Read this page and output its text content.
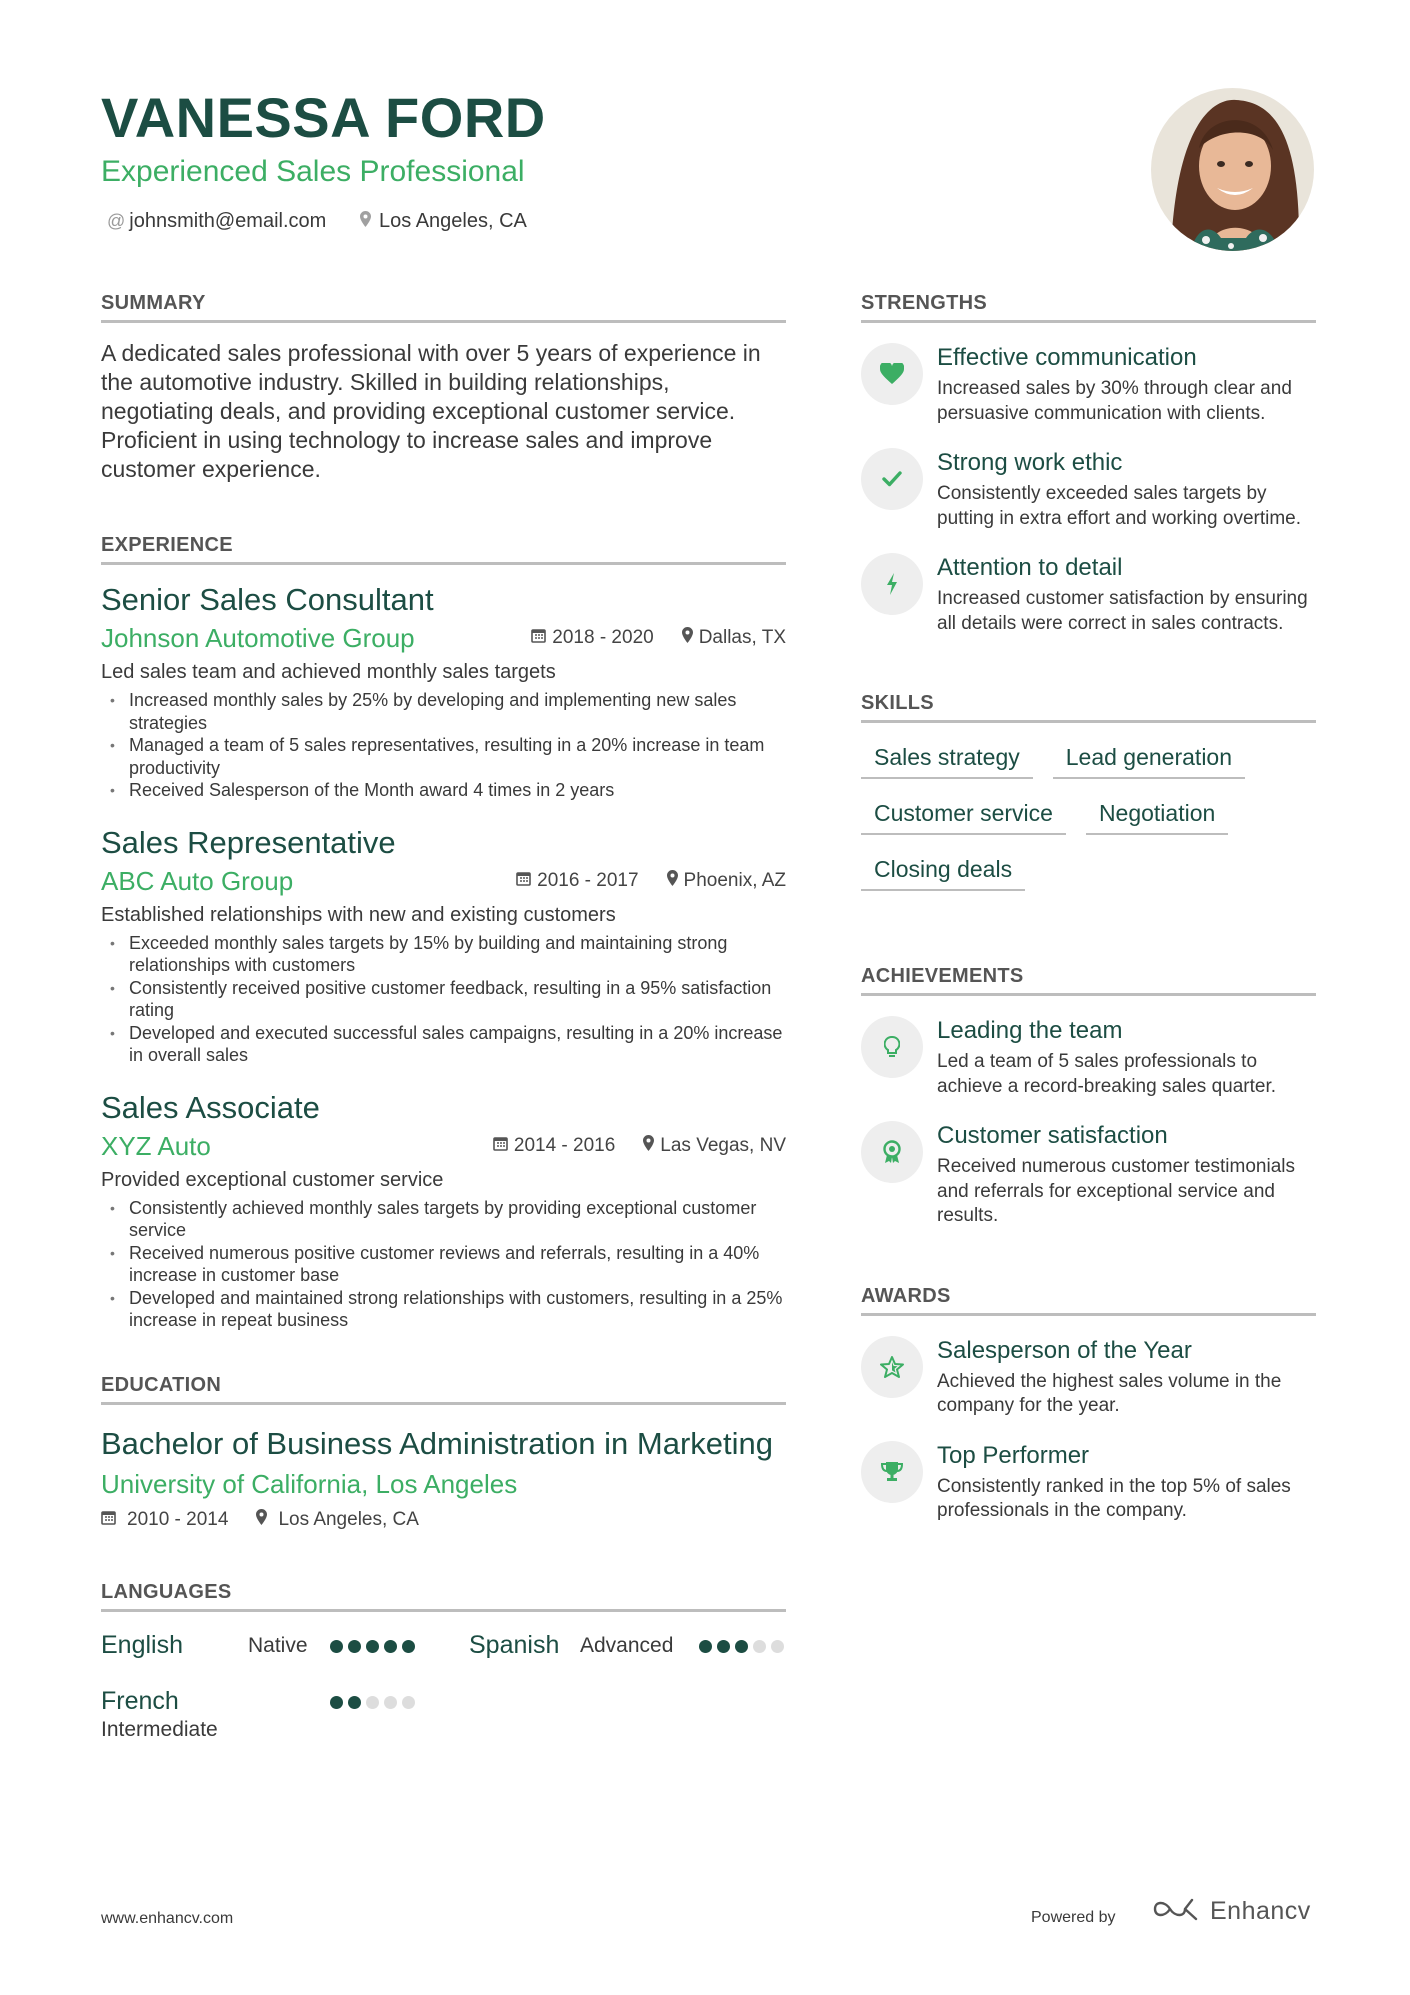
VANESSA FORD
Experienced Sales Professional
@ johnsmith@email.com	Los Angeles, CA
SUMMARY

A dedicated sales professional with over 5 years of experience in the automotive industry. Skilled in building relationships, negotiating deals, and providing exceptional customer service. Proficient in using technology to increase sales and improve customer experience.

EXPERIENCE
Senior Sales Consultant
Johnson Automotive Group	2018 - 2020	Dallas, TX
Led sales team and achieved monthly sales targets
• Increased monthly sales by 25% by developing and implementing new sales strategies
• Managed a team of 5 sales representatives, resulting in a 20% increase in team productivity
• Received Salesperson of the Month award 4 times in 2 years
Sales Representative
ABC Auto Group	2016 - 2017	Phoenix, AZ
Established relationships with new and existing customers
• Exceeded monthly sales targets by 15% by building and maintaining strong relationships with customers
• Consistently received positive customer feedback, resulting in a 95% satisfaction rating
• Developed and executed successful sales campaigns, resulting in a 20% increase in overall sales
Sales Associate
XYZ Auto	2014 - 2016	Las Vegas, NV
Provided exceptional customer service
• Consistently achieved monthly sales targets by providing exceptional customer service
• Received numerous positive customer reviews and referrals, resulting in a 40% increase in customer base
• Developed and maintained strong relationships with customers, resulting in a 25% increase in repeat business
EDUCATION
Bachelor of Business Administration in Marketing
University of California, Los Angeles
2010 - 2014	Los Angeles, CA
LANGUAGES
English	Native	Spanish Advanced
French
Intermediate
STRENGTHS
Effective communication
Increased sales by 30% through clear and persuasive communication with clients.
Strong work ethic
Consistently exceeded sales targets by putting in extra effort and working overtime.
Attention to detail
Increased customer satisfaction by ensuring all details were correct in sales contracts.
SKILLS
Sales strategy	Lead generation
Customer service	Negotiation
Closing deals
ACHIEVEMENTS
Leading the team
Led a team of 5 sales professionals to achieve a record-breaking sales quarter.
Customer satisfaction
Received numerous customer testimonials and referrals for exceptional service and results.
AWARDS
Salesperson of the Year
Achieved the highest sales volume in the company for the year.
Top Performer
Consistently ranked in the top 5% of sales professionals in the company.
www.enhancv.com	Powered by	Enhancv
